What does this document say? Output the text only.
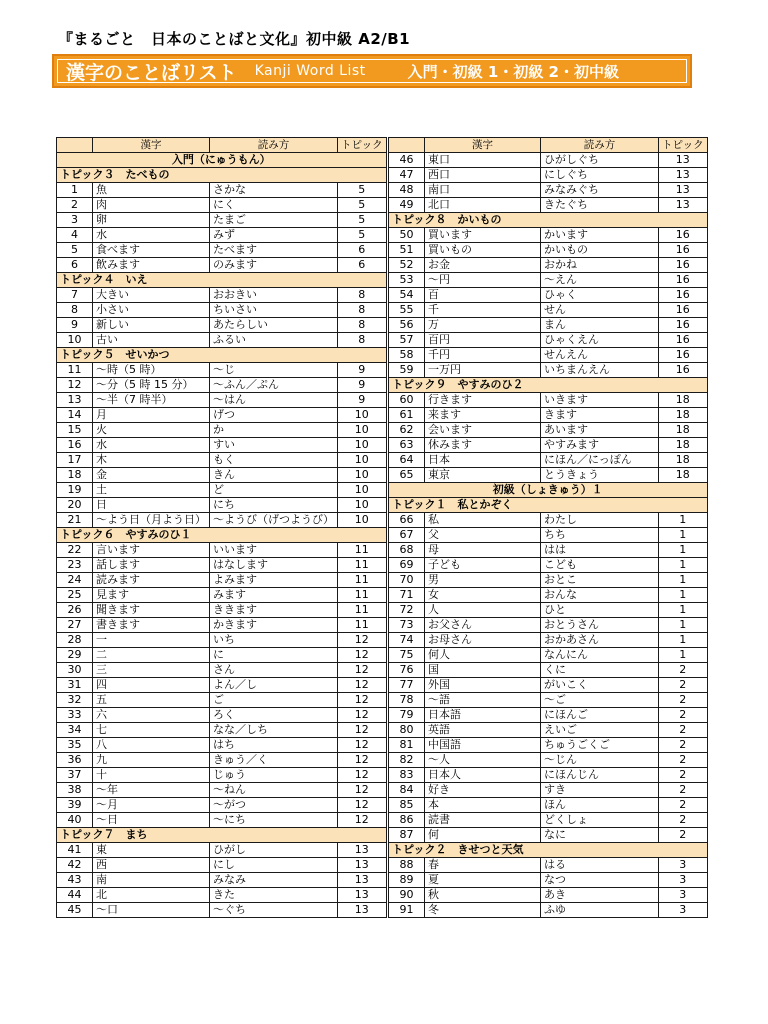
『まるごと　日本のことばと文化』初中級 A2/B1
漢字のことばリスト Kanji Word List	入門・初級 1・初級 2・初中級
	漢字	読み方	トピック
入門（にゅうもん）			
トピック３　たべもの			
1	魚	さかな	5
2	肉	にく	5
3	卵	たまご	5
4	水	みず	5
5	食べます	たべます	6
6	飲みます	のみます	6
トピック４　いえ			
7	大きい	おおきい	8
8	小さい	ちいさい	8
9	新しい	あたらしい	8
10	古い	ふるい	8
トピック５　せいかつ			
11	～時（5 時）	～じ	9
12	～分（5 時 15 分）	～ふん／ぷん	9
13	～半（7 時半）	～はん	9
14	月	げつ	10
15	火	か	10
16	水	すい	10
17	木	もく	10
18	金	きん	10
19	土	ど	10
20	日	にち	10
21	～よう日（月よう日）	～ようび（げつようび）	10
トピック６　やすみのひ１			
22	言います	いいます	11
23	話します	はなします	11
24	読みます	よみます	11
25	見ます	みます	11
26	聞きます	ききます	11
27	書きます	かきます	11
28	一	いち	12
29	二	に	12
30	三	さん	12
31	四	よん／し	12
32	五	ご	12
33	六	ろく	12
34	七	なな／しち	12
35	八	はち	12
36	九	きゅう／く	12
37	十	じゅう	12
38	～年	～ねん	12
39	～月	～がつ	12
40	～日	～にち	12
トピック７　まち			
41	東	ひがし	13
42	西	にし	13
43	南	みなみ	13
44	北	きた	13
45	～口	～ぐち	13
	漢字	読み方	トピック
46	東口	ひがしぐち	13
47	西口	にしぐち	13
48	南口	みなみぐち	13
49	北口	きたぐち	13
トピック８　かいもの			
50	買います	かいます	16
51	買いもの	かいもの	16
52	お金	おかね	16
53	～円	～えん	16
54	百	ひゃく	16
55	千	せん	16
56	万	まん	16
57	百円	ひゃくえん	16
58	千円	せんえん	16
59	一万円	いちまんえん	16
トピック９　やすみのひ２			
60	行きます	いきます	18
61	来ます	きます	18
62	会います	あいます	18
63	休みます	やすみます	18
64	日本	にほん／にっぽん	18
65	東京	とうきょう	18
初級（しょきゅう）１			
トピック１　私とかぞく			
66	私	わたし	1
67	父	ちち	1
68	母	はは	1
69	子ども	こども	1
70	男	おとこ	1
71	女	おんな	1
72	人	ひと	1
73	お父さん	おとうさん	1
74	お母さん	おかあさん	1
75	何人	なんにん	1
76	国	くに	2
77	外国	がいこく	2
78	～語	～ご	2
79	日本語	にほんご	2
80	英語	えいご	2
81	中国語	ちゅうごくご	2
82	～人	～じん	2
83	日本人	にほんじん	2
84	好き	すき	2
85	本	ほん	2
86	読書	どくしょ	2
87	何	なに	2
トピック２　きせつと天気			
88	春	はる	3
89	夏	なつ	3
90	秋	あき	3
91	冬	ふゆ	3
